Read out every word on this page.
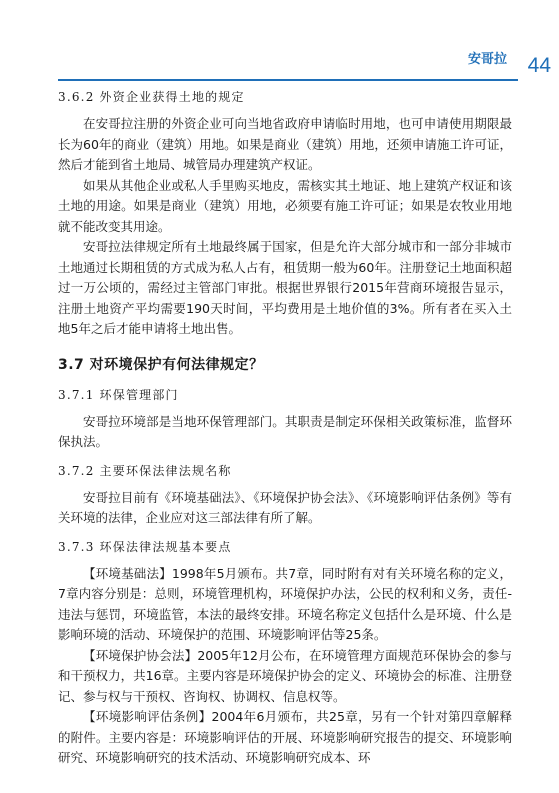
安哥拉 44
3.6.2 外资企业获得土地的规定

在安哥拉注册的外资企业可向当地省政府申请临时用地，也可申请使用期限最长为60年的商业（建筑）用地。如果是商业（建筑）用地，还须申请施工许可证，然后才能到省土地局、城管局办理建筑产权证。

如果从其他企业或私人手里购买地皮，需核实其土地证、地上建筑产权证和该土地的用途。如果是商业（建筑）用地，必须要有施工许可证；如果是农牧业用地就不能改变其用途。

安哥拉法律规定所有土地最终属于国家，但是允许大部分城市和一部分非城市土地通过长期租赁的方式成为私人占有，租赁期一般为60年。注册登记土地面积超过一万公顷的，需经过主管部门审批。根据世界银行2015年营商环境报告显示，注册土地资产平均需要190天时间，平均费用是土地价值的3%。所有者在买入土地5年之后才能申请将土地出售。

3.7 对环境保护有何法律规定？
3.7.1 环保管理部门

安哥拉环境部是当地环保管理部门。其职责是制定环保相关政策标准，监督环保执法。

3.7.2 主要环保法律法规名称

安哥拉目前有《环境基础法》、《环境保护协会法》、《环境影响评估条例》等有关环境的法律，企业应对这三部法律有所了解。

3.7.3 环保法律法规基本要点

【环境基础法】1998年5月颁布。共7章，同时附有对有关环境名称的定义，7章内容分别是：总则，环境管理机构，环境保护办法，公民的权利和义务，责任-违法与惩罚，环境监管，本法的最终安排。环境名称定义包括什么是环境、什么是影响环境的活动、环境保护的范围、环境影响评估等25条。

【环境保护协会法】2005年12月公布，在环境管理方面规范环保协会的参与和干预权力，共16章。主要内容是环境保护协会的定义、环境协会的标准、注册登记、参与权与干预权、咨询权、协调权、信息权等。

【环境影响评估条例】2004年6月颁布，共25章，另有一个针对第四章解释的附件。主要内容是：环境影响评估的开展、环境影响研究报告的提交、环境影响研究、环境影响研究的技术活动、环境影响研究成本、环
